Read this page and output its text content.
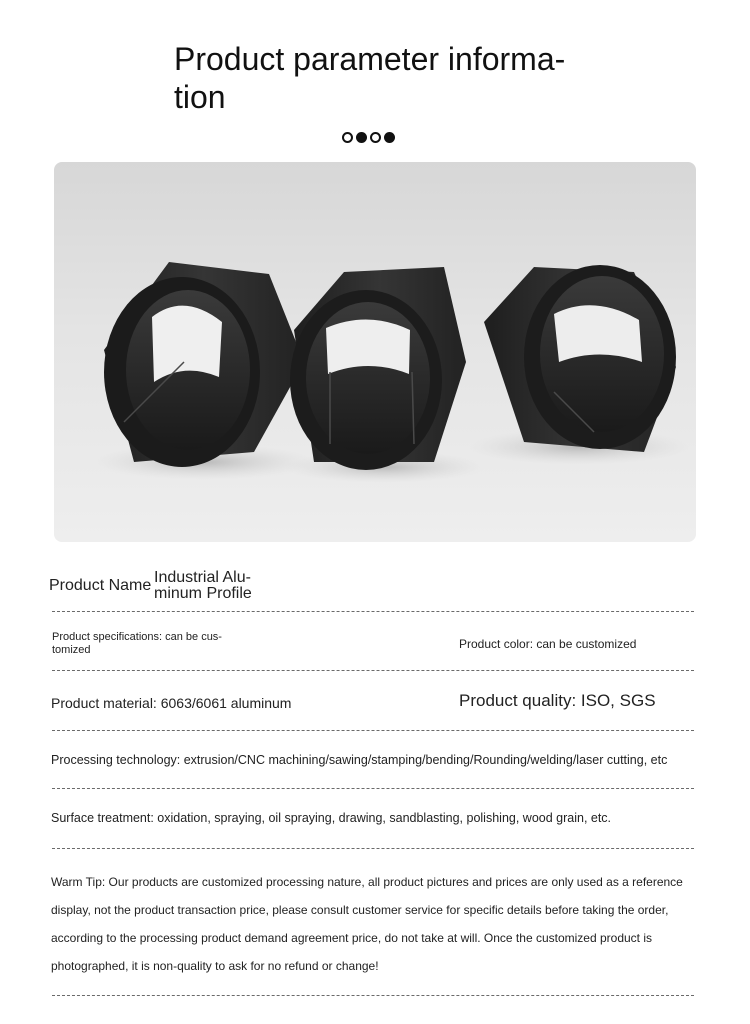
Product parameter informa- tion
Product Name Industrial Alu- minum Profile
Product specifications: can be cus- tomized	Product color: can be customized
Product material: 6063/6061 aluminum	Product quality: ISO, SGS
Processing technology: extrusion/CNC machining/sawing/stamping/bending/Rounding/welding/laser cutting, etc
Surface treatment: oxidation, spraying, oil spraying, drawing, sandblasting, polishing, wood grain, etc.
Warm Tip: Our products are customized processing nature, all product pictures and prices are only used as a reference display, not the product transaction price, please consult customer service for specific details before taking the order, according to the processing product demand agreement price, do not take at will. Once the customized product is photographed, it is non-quality to ask for no refund or change!
